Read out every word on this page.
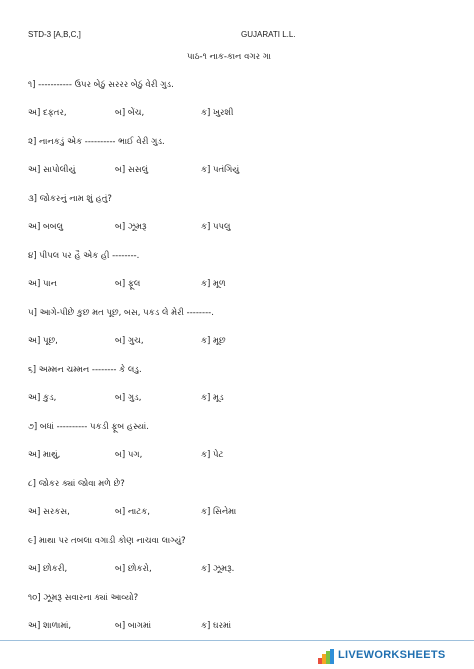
STD-3 [A,B,C,]	GUJARATI L.L.
પાઠ-૧ નાક-કાન વગર ગા
૧] ----------- ઉપર બેઠું સરરર બેઠું વેરી ગુડ.
અ] દફતર,	બ] બેંચ,	ક] ખુરશી
૨] નાનકડું એક ---------- ભાઈ વેરી ગુડ.
અ] સાપોલીયું	બ] સસલું	ક] પતંગિયું
૩] જોકરનું નામ શું હતું?
અ] બબલુ	બ] ઝૂમરૂ	ક] પપલુ
૪] પીપલ પર હૈ એક હી --------.
અ] પાન	બ] ફૂલ	ક] મૂળ
૫] આગે-પીછે કુછ મત પૂછ, બસ, પકડ લે મેરી --------.
અ] પૂછ,	બ] ગુચ,	ક] મૂછ
૬] અમ્મન ચમ્મન -------- કે લડુ.
અ] કુડ,	બ] ગુડ,	ક] મૂડ
૭] બધાં ---------- પકડી ફૂબ હસ્યાં.
અ] માથું,	બ] પગ,	ક] પેટ
૮] જોકર ક્યાં જોવા મળે છે?
અ] સરકસ,	બ] નાટક,	ક] સિનેમા
૯] માથા પર તબલા વગાડી કોણ નાચવા લાગ્યું?
અ] છોકરી,	બ] છોકરો,	ક] ઝૂમરૂ.
૧૦] ઝૂમરૂ સવારના ક્યાં આવ્યો?
અ] શાળામાં,	બ] બાગમાં	ક] ઘરમાં
LIVEWORKSHEETS
